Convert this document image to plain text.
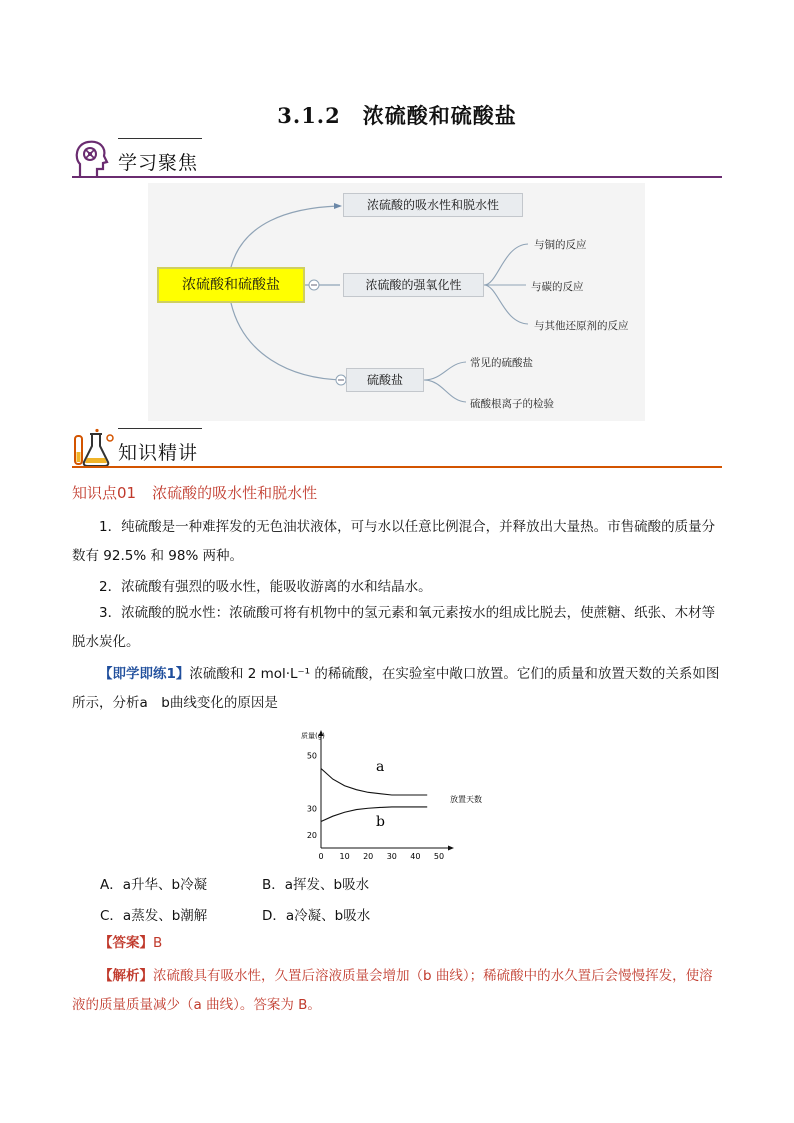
3.1.2 浓硫酸和硫酸盐
学习聚焦
浓硫酸和硫酸盐
浓硫酸的吸水性和脱水性
浓硫酸的强氧化性
硫酸盐
与铜的反应
与碳的反应
与其他还原剂的反应
常见的硫酸盐
硫酸根离子的检验
知识精讲
知识点01 浓硫酸的吸水性和脱水性

1．纯硫酸是一种难挥发的无色油状液体，可与水以任意比例混合，并释放出大量热。市售硫酸的质量分数有 92.5% 和 98% 两种。

2．浓硫酸有强烈的吸水性，能吸收游离的水和结晶水。

3．浓硫酸的脱水性：浓硫酸可将有机物中的氢元素和氧元素按水的组成比脱去，使蔗糖、纸张、木材等脱水炭化。

【即学即练1】浓硫酸和 2 mol·L⁻¹ 的稀硫酸，在实验室中敞口放置。它们的质量和放置天数的关系如图所示，分析a　b曲线变化的原因是

0 10 20 30 40 50
20
30
50
质量(g)
放置天数
a
b
A．a升华、b冷凝	B．a挥发、b吸水
C．a蒸发、b潮解	D．a冷凝、b吸水

【答案】B

【解析】浓硫酸具有吸水性，久置后溶液质量会增加（b 曲线）；稀硫酸中的水久置后会慢慢挥发，使溶液的质量质量减少（a 曲线）。答案为 B。
